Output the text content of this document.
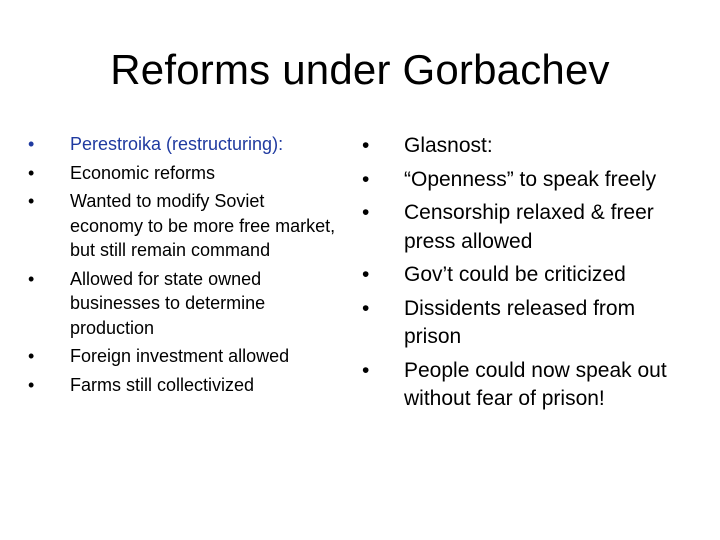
Reforms under Gorbachev
•	Perestroika (restructuring):
•	Economic reforms
•	Wanted to modify Soviet economy to be more free market, but still remain command
•	Allowed for state owned businesses to determine production
•	Foreign investment allowed
•	Farms still collectivized
•	Glasnost:
•	“Openness” to speak freely
•	Censorship relaxed & freer press allowed
•	Gov’t could be criticized
•	Dissidents released from prison
•	People could now speak out without fear of prison!
